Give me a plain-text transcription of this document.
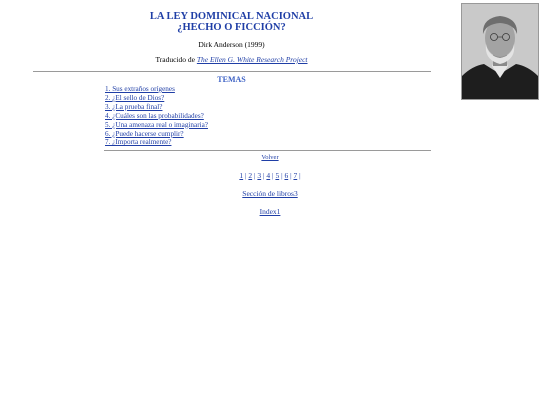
LA LEY DOMINICAL NACIONAL
¿HECHO O FICCIÓN?
Dirk Anderson (1999)
Traducido de The Ellen G. White Research Project
TEMAS
1. Sus extraños orígenes
2. ¿El sello de Dios?
3. ¿La prueba final?
4. ¿Cuáles son las probabilidades?
5. ¿Una amenaza real o imaginaria?
6. ¿Puede hacerse cumplir?
7. ¿Importa realmente?
Volver
1 | 2 | 3 | 4 | 5 | 6 | 7 |
Sección de libros3
Index1
